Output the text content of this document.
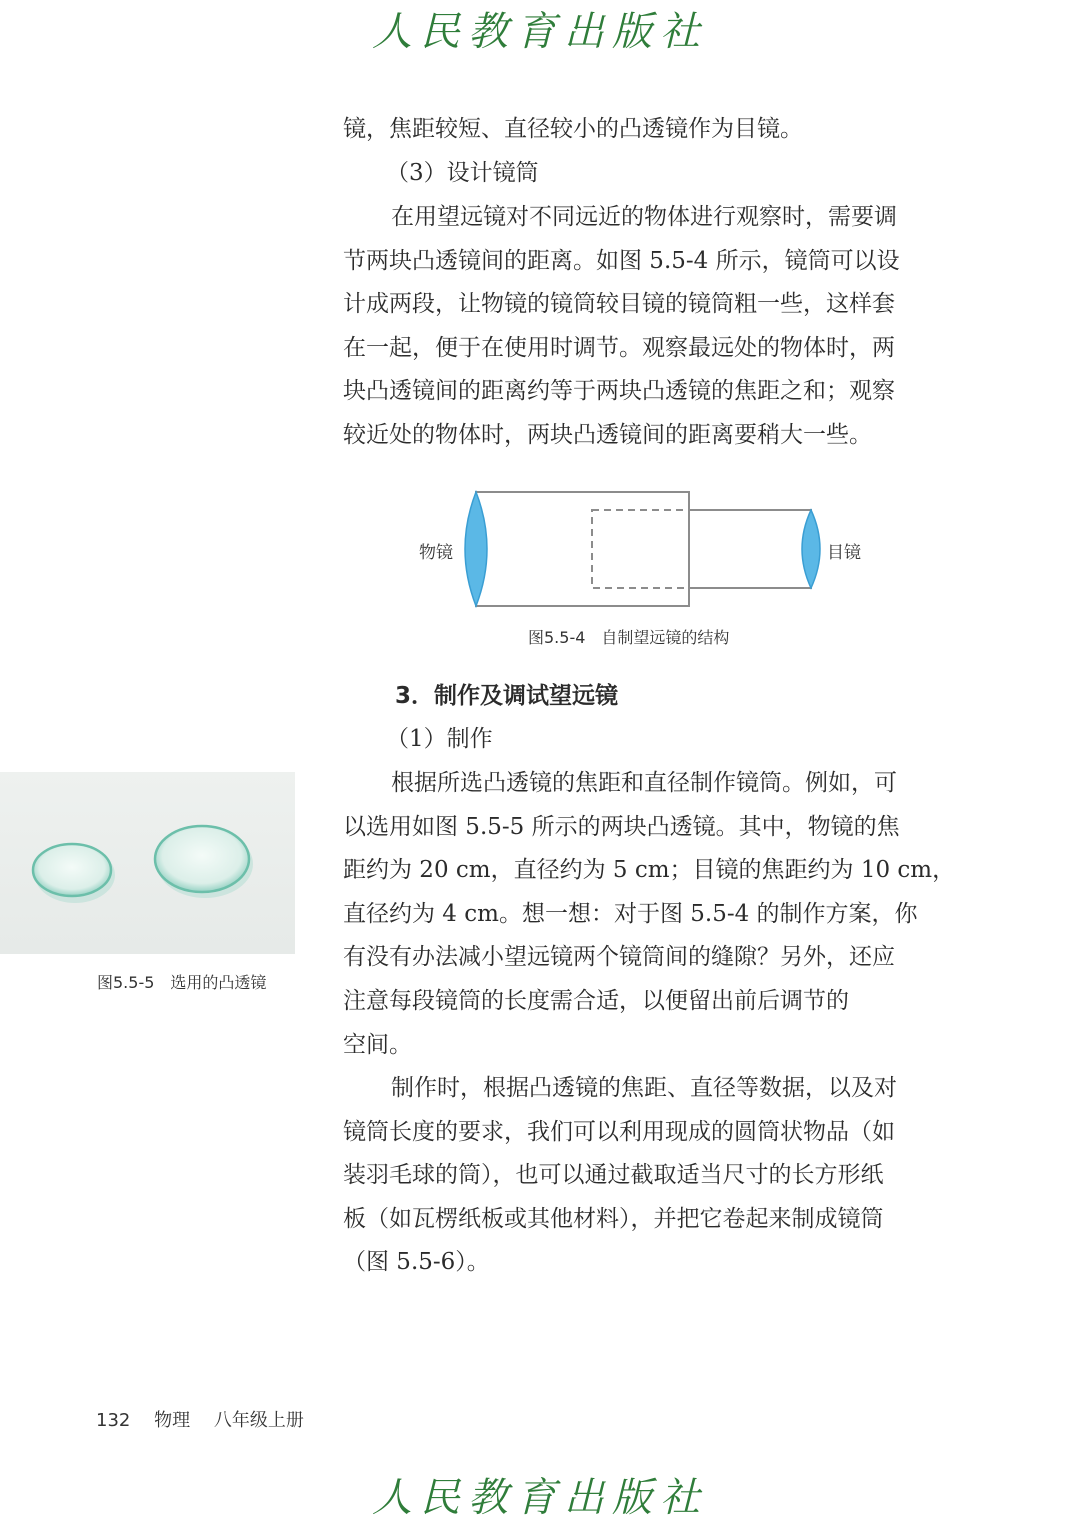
人民教育出版社
镜，焦距较短、直径较小的凸透镜作为目镜。
（3）设计镜筒
在用望远镜对不同远近的物体进行观察时，需要调
节两块凸透镜间的距离。如图 5.5-4 所示，镜筒可以设
计成两段，让物镜的镜筒较目镜的镜筒粗一些，这样套
在一起，便于在使用时调节。观察最远处的物体时，两
块凸透镜间的距离约等于两块凸透镜的焦距之和；观察
较近处的物体时，两块凸透镜间的距离要稍大一些。
物镜	目镜
图5.5-4　自制望远镜的结构
3．制作及调试望远镜
（1）制作
根据所选凸透镜的焦距和直径制作镜筒。例如，可
以选用如图 5.5-5 所示的两块凸透镜。其中，物镜的焦
距约为 20 cm，直径约为 5 cm；目镜的焦距约为 10 cm，
直径约为 4 cm。想一想：对于图 5.5-4 的制作方案，你
有没有办法减小望远镜两个镜筒间的缝隙？另外，还应
注意每段镜筒的长度需合适，以便留出前后调节的
空间。
制作时，根据凸透镜的焦距、直径等数据，以及对
镜筒长度的要求，我们可以利用现成的圆筒状物品（如
装羽毛球的筒），也可以通过截取适当尺寸的长方形纸
板（如瓦楞纸板或其他材料），并把它卷起来制成镜筒
（图 5.5-6）。
图5.5-5　选用的凸透镜
132 物理 八年级上册
人民教育出版社
